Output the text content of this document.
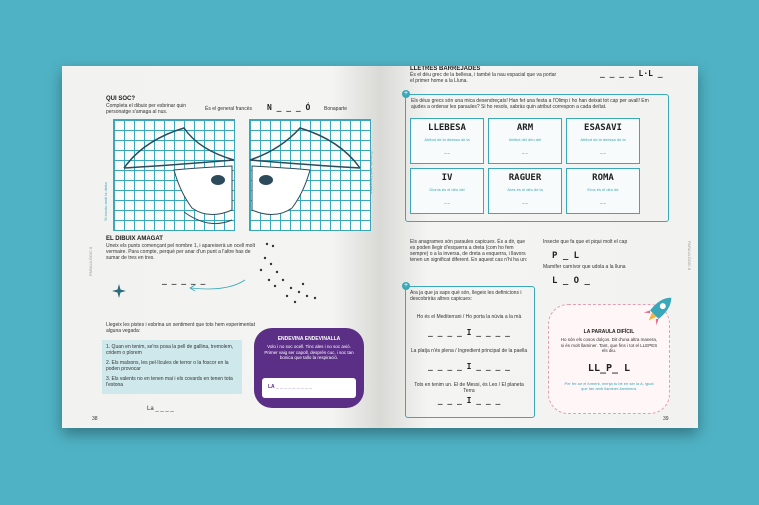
QUI SOC?
Completa el dibuix per esbrinar quin personatge s'amaga al nus.	És el general francès N _ _ _ Ó	Bonaparte
Si escriu amb la dreta
Si escriu amb l'esquerra
EL DIBUIX AMAGAT
Uneix els punts començant pel nombre 1, i apareixerà un ocell molt vermaire. Para compte, perquè per anar d'un punt a l'altre has de sumar de tres en tres.
_ _ _ _ _
Llegeix les pistes i esbrina un sentiment que tots hem experimentat alguna vegada:
1. Quan en tenim, se'ns posa la pell de gallina, tremolem, cridem o plorem
2. Els malsons, les pel·lícules de terror o la foscor en la poden provocar
3. Els valents no en tenen mai i els covards en tenen tota l'estona
La _ _ _ _
38
PARAULÒGIC 8
ENDEVINA ENDEVINALLA
Volo i no soc ocell. Tinc ales i no soc avió. Primer vaig ser capoll, després cuc, i soc tan bonica que tallo la respiració.
LA _ _ _ _ _ _ _ _ _
LLETRES BARREJADES
És el déu grec de la bellesa, i també la nau espacial que va portar el primer home a la Lluna.
_ _ _ _ L·L _
+
Els déus grecs són una mica desendreçats! Han fet una festa a l'Olimp i ho han deixat tot cap per avall! Em ajudes a ordenar les paraules? Si ho resols, sabràs quin atribut correspon a cada deïtat.
LLEBESA
Atribut de la deessa de la
_ _
ARM
Atribut del déu del
_ _
ESASAVI
Atribut de la deessa de la
_ _
IV
Dionís és el déu del
_ _
RAGUER
Ares és el déu de la
_ _
ROMA
Eros és el déu de
_ _
Els anagrames són paraules capicues. És a dir, que es poden llegir d'esquerra a dreta (com ho fem sempre) o a la inversa, de dreta a esquerra, i llavors tenen un significat diferent. En aquest cas n'hi ha un:
Insecte que fa que et piqui molt el cap
P _ L
Mamífer carnívor que udola a la lluna
L _ O _
+
Ara ja que ja saps què són, llegeix les definicions i descobriràs altres capicues:
Ho és el Mediterrani / Ho porta la núvia a la mà
_ _ _ _ I _ _ _ _
La platja n'és plena / Ingredient principal de la paella
_ _ _ _ I _ _ _ _
Tots en tenim un. El de Messi, és Leo / El planeta Terra
_ _ _ I _ _ _
LA PARAULA DIFÍCIL
Ho són els cosos dolços. Dit d'una altra manera, si és molt llaminer. Tant, que fins i tot el LLEPES els diu.
LL_P_ L
Per fer-se el foment, menja tu bé en ser la A, igual que fan amb llaminer-llaminera.
39
PARAULÒGIC 8
